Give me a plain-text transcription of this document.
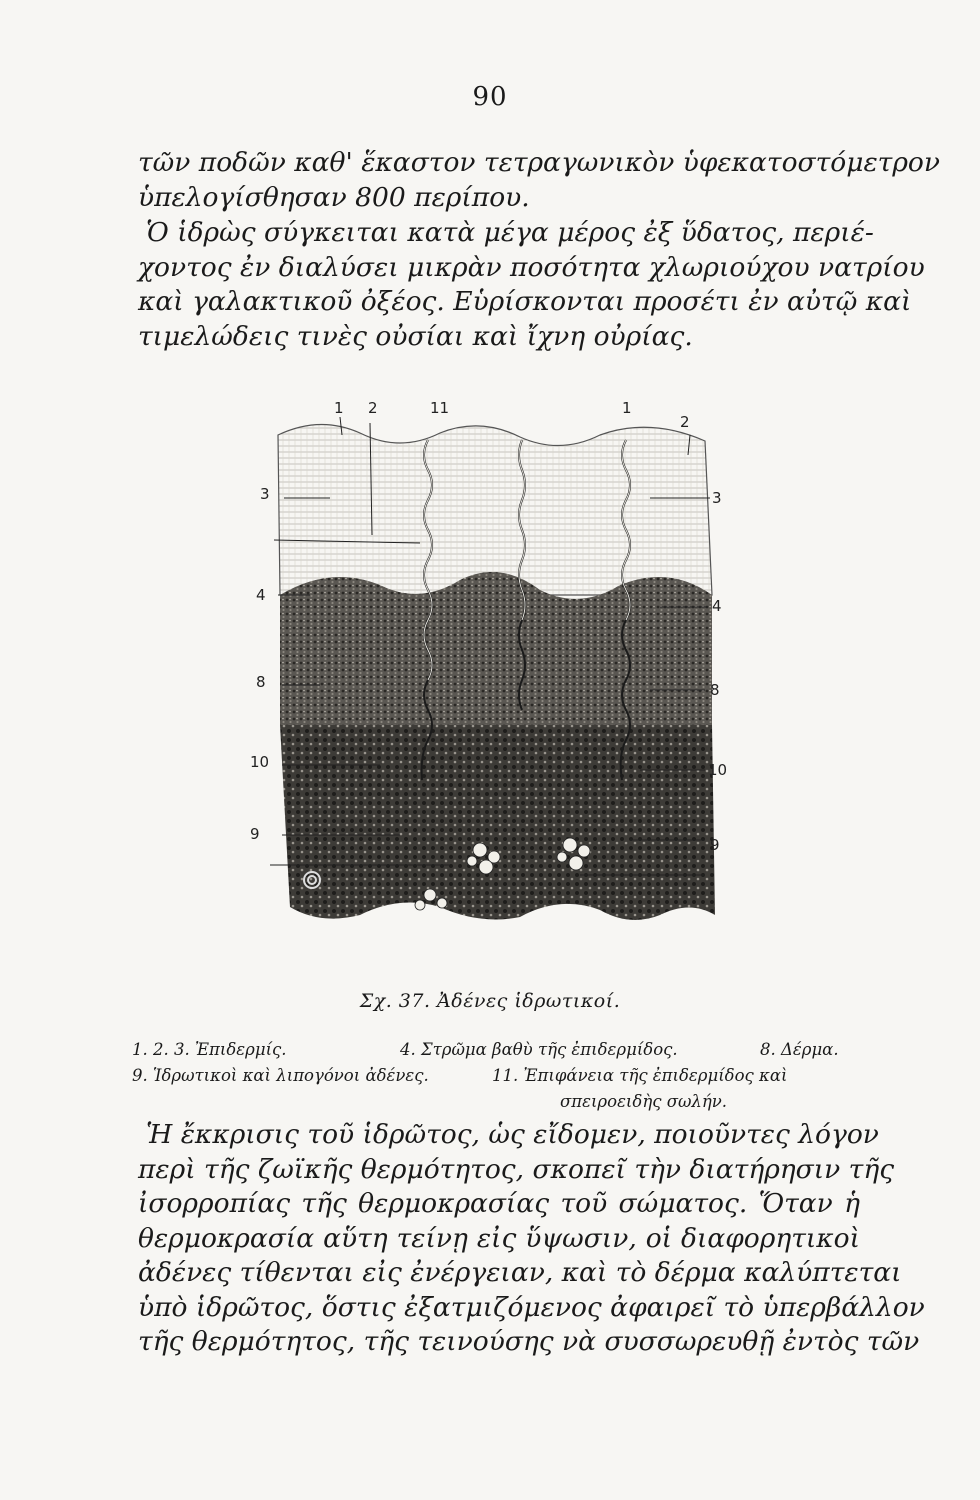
90
τῶν ποδῶν καθ' ἕκαστον τετραγωνικὸν ὑφεκατοστόμετρον
ὑπελογίσθησαν 800 περίπου.
Ὁ ἱδρὼς σύγκειται κατὰ μέγα μέρος ἐξ ὕδατος, περιέ-
χοντος ἐν διαλύσει μικρὰν ποσότητα χλωριούχου νατρίου
καὶ γαλακτικοῦ ὀξέος. Εὑρίσκονται προσέτι ἐν αὐτῷ καὶ
τιμελώδεις τινὲς οὐσίαι καὶ ἴχνη οὐρίας.
1 2	11	1
2
3
4
8
10
9
3
4
8
10
9
Σχ. 37. Ἀδένες ἱδρωτικοί.
1. 2. 3. Ἐπιδερμίς.	4. Στρῶμα βαθὺ τῆς ἐπιδερμίδος.	8. Δέρμα.
9. Ἱδρωτικοὶ καὶ λιπογόνοι ἀδένες.	11. Ἐπιφάνεια τῆς ἐπιδερμίδος καὶ
σπειροειδὴς σωλήν.
Ἡ ἔκκρισις τοῦ ἱδρῶτος, ὡς εἴδομεν, ποιοῦντες λόγον
περὶ τῆς ζωϊκῆς θερμότητος, σκοπεῖ τὴν διατήρησιν τῆς
ἰσορροπίας τῆς θερμοκρασίας τοῦ σώματος. Ὅταν ἡ
θερμοκρασία αὕτη τείνῃ εἰς ὕψωσιν, οἱ διαφορητικοὶ
ἀδένες τίθενται εἰς ἐνέργειαν, καὶ τὸ δέρμα καλύπτεται
ὑπὸ ἱδρῶτος, ὅστις ἐξατμιζόμενος ἀφαιρεῖ τὸ ὑπερβάλλον
τῆς θερμότητος, τῆς τεινούσης νὰ συσσωρευθῇ ἐντὸς τῶν
